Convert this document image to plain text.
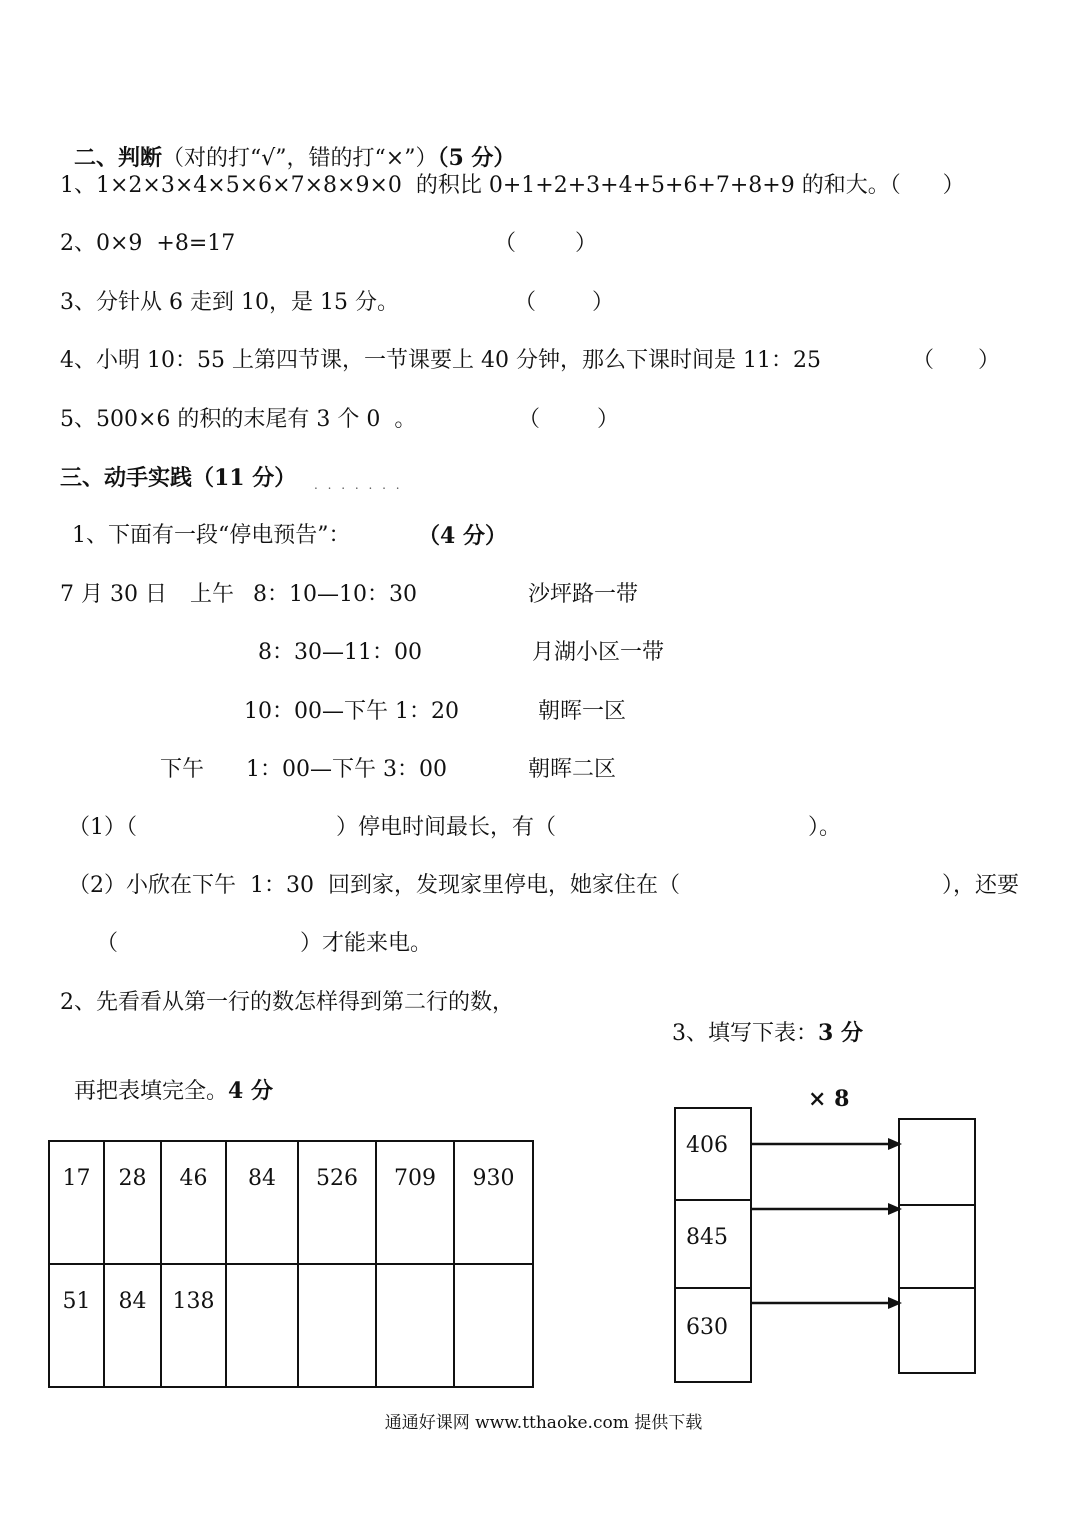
二、判断（对的打“√”，错的打“×”）（5 分）

1、1×2×3×4×5×6×7×8×9×0  的积比 0+1+2+3+4+5+6+7+8+9 的和大。（      ）
2、0×9  +8=17	（	）
3、分针从 6 走到 10，是 15 分。	（	）
4、小明 10：55 上第四节课，一节课要上 40 分钟，那么下课时间是 11：25	（ ）
5、500×6 的积的末尾有 3 个 0  。	（	）
三、动手实践（11 分） . . . . . . .
1、下面有一段“停电预告”：	（4 分）
7 月 30 日 上午 8：10—10：30	沙坪路一带
8：30—11：00	月湖小区一带
10：00—下午 1：20	朝晖一区
下午 1：00—下午 3：00	朝晖二区
（1）（	）停电时间最长，有（	）。
（2）小欣在下午  1：30  回到家，发现家里停电，她家住在（	），还要
（	）才能来电。
2、先看看从第一行的数怎样得到第二行的数，

3、填写下表：3 分

再把表填完全。4 分

17	28	46	84	526	709	930
51	84	138				
× 8
406
845
630
通通好课网 www.tthaoke.com 提供下载
